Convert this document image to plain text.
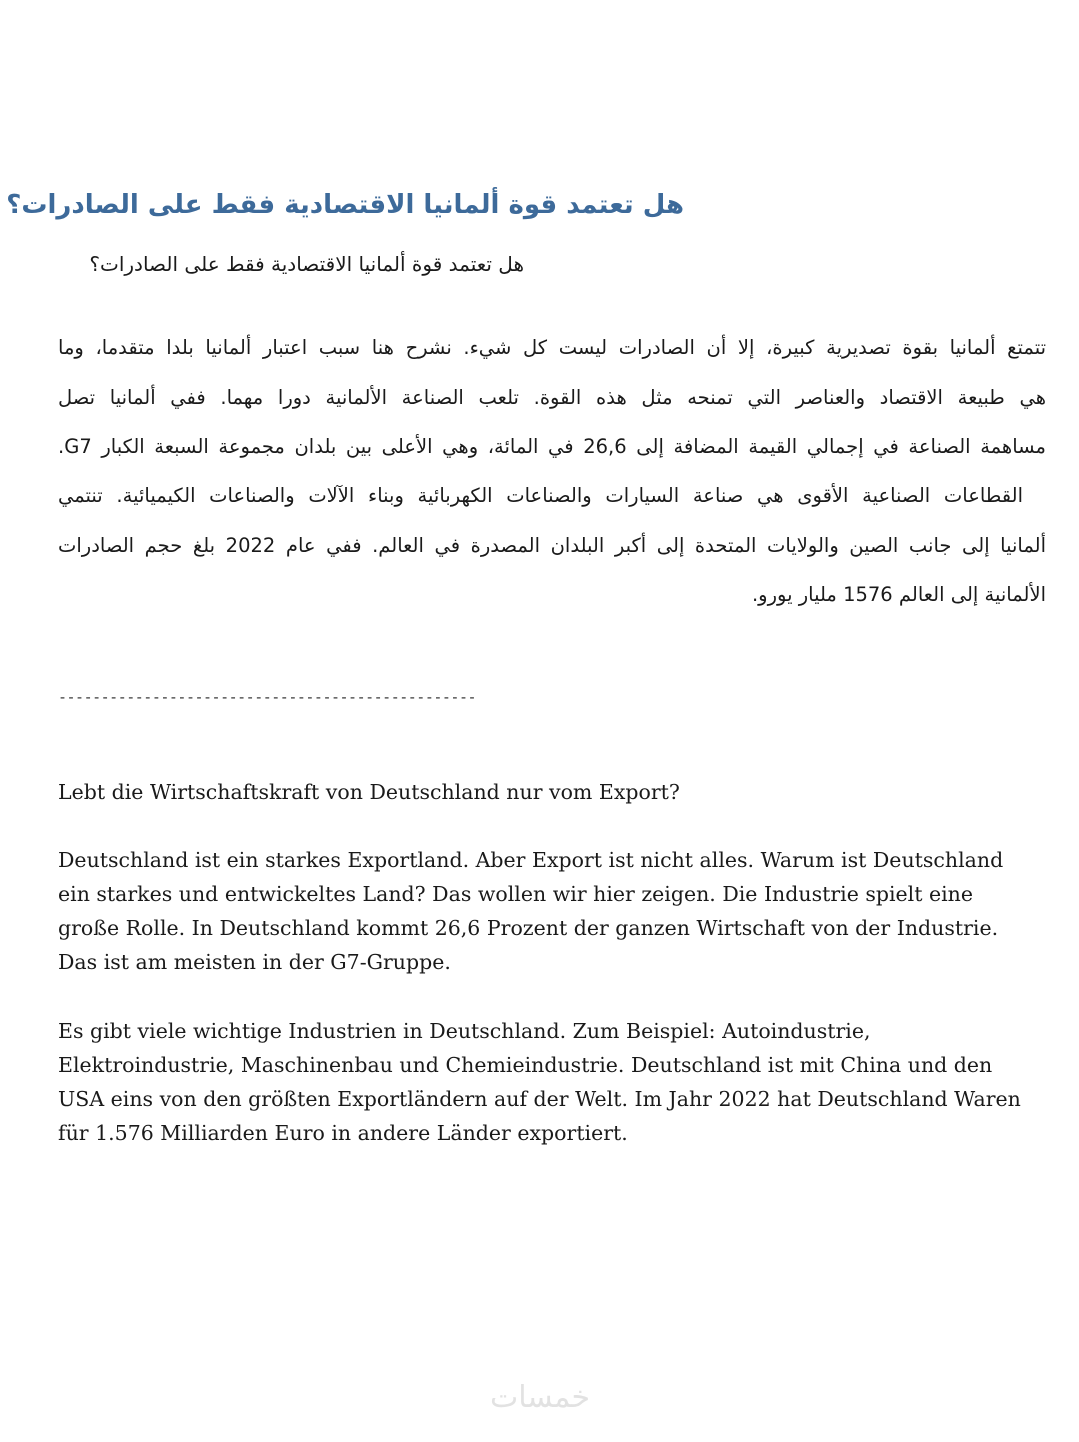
هل تعتمد قوة ألمانيا الاقتصادية فقط على الصادرات؟
هل تعتمد قوة ألمانيا الاقتصادية فقط على الصادرات؟
تتمتع ألمانيا بقوة تصديرية كبيرة، إلا أن الصادرات ليست كل شيء. نشرح هنا سبب اعتبار ألمانيا بلدا متقدما، وما
هي طبيعة الاقتصاد والعناصر التي تمنحه مثل هذه القوة. تلعب الصناعة الألمانية دورا مهما. ففي ألمانيا تصل
مساهمة الصناعة في إجمالي القيمة المضافة إلى 26,6 في المائة، وهي الأعلى بين بلدان مجموعة السبعة الكبار G7.
القطاعات الصناعية الأقوى هي صناعة السيارات والصناعات الكهربائية وبناء الآلات والصناعات الكيميائية. تنتمي
ألمانيا إلى جانب الصين والولايات المتحدة إلى أكبر البلدان المصدرة في العالم. ففي عام 2022 بلغ حجم الصادرات
الألمانية إلى العالم 1576 مليار يورو.
-------------------------------------------------
Lebt die Wirtschaftskraft von Deutschland nur vom Export?
Deutschland ist ein starkes Exportland. Aber Export ist nicht alles. Warum ist Deutschland
ein starkes und entwickeltes Land? Das wollen wir hier zeigen. Die Industrie spielt eine
große Rolle. In Deutschland kommt 26,6 Prozent der ganzen Wirtschaft von der Industrie.
Das ist am meisten in der G7-Gruppe.
Es gibt viele wichtige Industrien in Deutschland. Zum Beispiel: Autoindustrie,
Elektroindustrie, Maschinenbau und Chemieindustrie. Deutschland ist mit China und den
USA eins von den größten Exportländern auf der Welt. Im Jahr 2022 hat Deutschland Waren
für 1.576 Milliarden Euro in andere Länder exportiert.
خمسات
